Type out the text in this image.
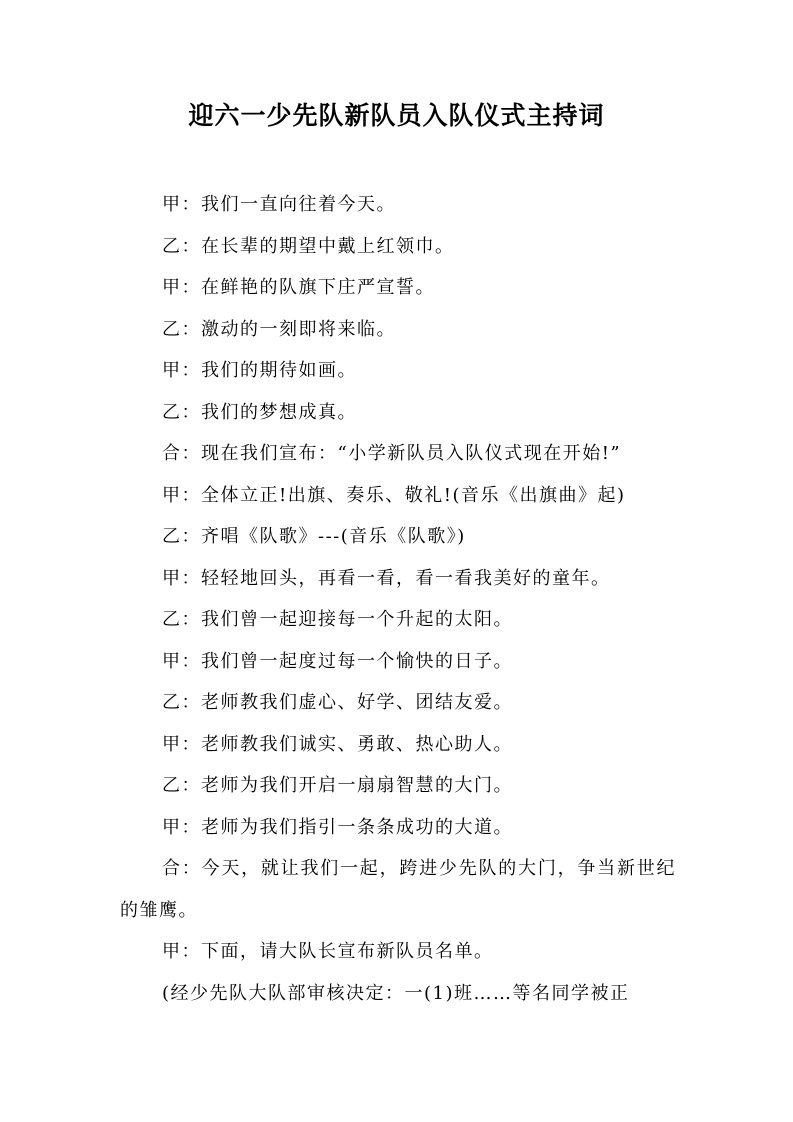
迎六一少先队新队员入队仪式主持词

甲：我们一直向往着今天。

乙：在长辈的期望中戴上红领巾。

甲：在鲜艳的队旗下庄严宣誓。

乙：激动的一刻即将来临。

甲：我们的期待如画。

乙：我们的梦想成真。

合：现在我们宣布：“小学新队员入队仪式现在开始!”

甲：全体立正!出旗、奏乐、敬礼!(音乐《出旗曲》起)

乙：齐唱《队歌》---(音乐《队歌》)

甲：轻轻地回头，再看一看，看一看我美好的童年。

乙：我们曾一起迎接每一个升起的太阳。

甲：我们曾一起度过每一个愉快的日子。

乙：老师教我们虚心、好学、团结友爱。

甲：老师教我们诚实、勇敢、热心助人。

乙：老师为我们开启一扇扇智慧的大门。

甲：老师为我们指引一条条成功的大道。

合：今天，就让我们一起，跨进少先队的大门，争当新世纪的雏鹰。

甲：下面，请大队长宣布新队员名单。

(经少先队大队部审核决定：一(1)班……等名同学被正
